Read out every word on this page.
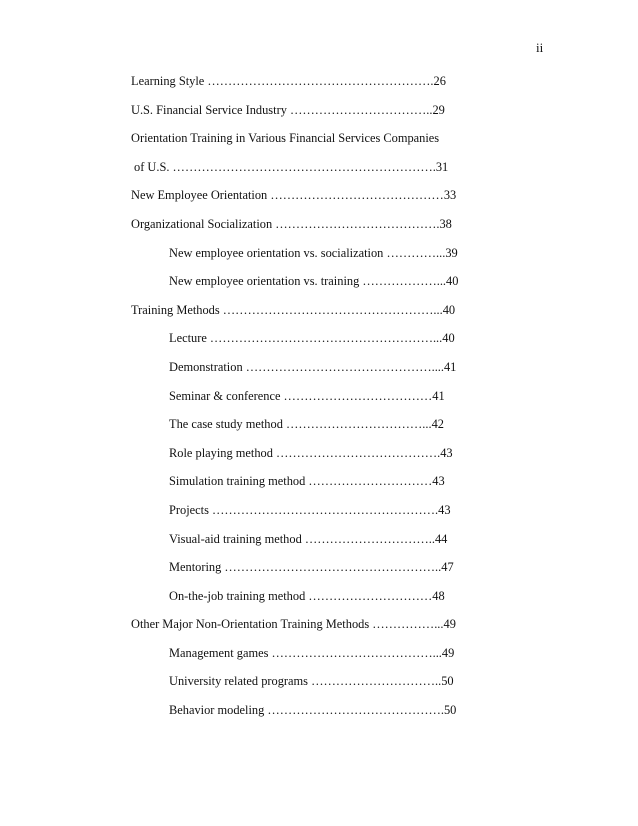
ii
Learning Style ……………………………………………….26
U.S. Financial Service Industry ……………………………..29
Orientation Training in Various Financial Services Companies
of U.S. ……………………………………………………….31
New Employee Orientation ……………………………………33
Organizational Socialization ………………………………….38
New employee orientation vs. socialization …………...39
New employee orientation vs. training ………………...40
Training Methods ……………………………………………...40
Lecture ………………………………………………...40
Demonstration ………………………………………....41
Seminar & conference ………………………………41
The case study method ……………………………...42
Role playing method ………………………………….43
Simulation training method …………………………43
Projects ……………………………………………….43
Visual-aid training method …………………………..44
Mentoring ……………………………………………..47
On-the-job training method …………………………48
Other Major Non-Orientation Training Methods ……………...49
Management games …………………………………...49
University related programs …………………………..50
Behavior modeling …………………………………….50
